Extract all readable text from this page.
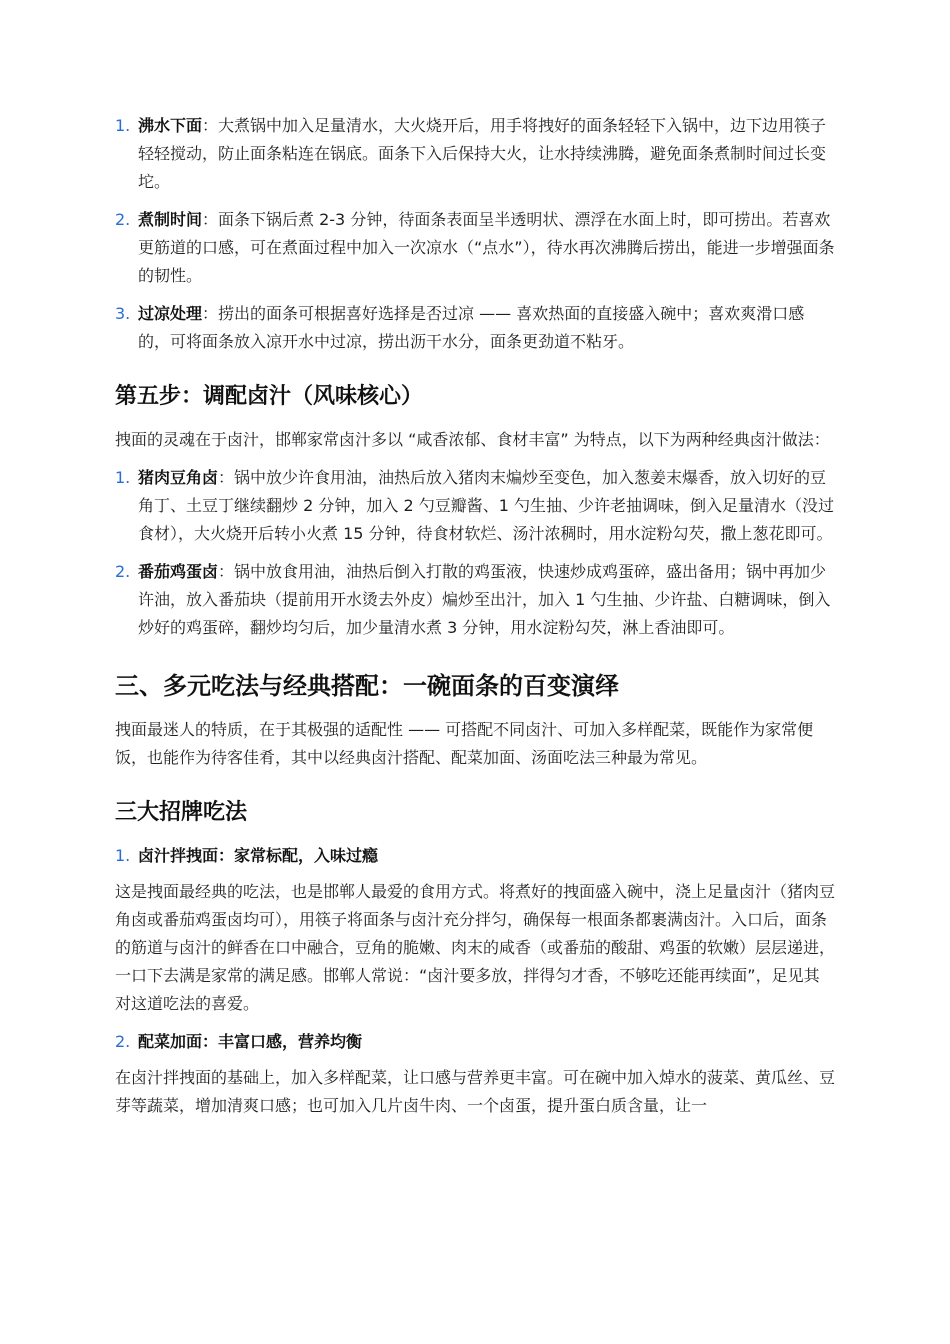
1. 沸水下面：大煮锅中加入足量清水，大火烧开后，用手将拽好的面条轻轻下入锅中，边下边用筷子轻轻搅动，防止面条粘连在锅底。面条下入后保持大火，让水持续沸腾，避免面条煮制时间过长变坨。
2. 煮制时间：面条下锅后煮 2-3 分钟，待面条表面呈半透明状、漂浮在水面上时，即可捞出。若喜欢更筋道的口感，可在煮面过程中加入一次凉水（“点水”），待水再次沸腾后捞出，能进一步增强面条的韧性。
3. 过凉处理：捞出的面条可根据喜好选择是否过凉 —— 喜欢热面的直接盛入碗中；喜欢爽滑口感的，可将面条放入凉开水中过凉，捞出沥干水分，面条更劲道不粘牙。
第五步：调配卤汁（风味核心）

拽面的灵魂在于卤汁，邯郸家常卤汁多以 “咸香浓郁、食材丰富” 为特点，以下为两种经典卤汁做法：

1. 猪肉豆角卤：锅中放少许食用油，油热后放入猪肉末煸炒至变色，加入葱姜末爆香，放入切好的豆角丁、土豆丁继续翻炒 2 分钟，加入 2 勺豆瓣酱、1 勺生抽、少许老抽调味，倒入足量清水（没过食材），大火烧开后转小火煮 15 分钟，待食材软烂、汤汁浓稠时，用水淀粉勾芡，撒上葱花即可。
2. 番茄鸡蛋卤：锅中放食用油，油热后倒入打散的鸡蛋液，快速炒成鸡蛋碎，盛出备用；锅中再加少许油，放入番茄块（提前用开水烫去外皮）煸炒至出汁，加入 1 勺生抽、少许盐、白糖调味，倒入炒好的鸡蛋碎，翻炒均匀后，加少量清水煮 3 分钟，用水淀粉勾芡，淋上香油即可。
三、多元吃法与经典搭配：一碗面条的百变演绎

拽面最迷人的特质，在于其极强的适配性 —— 可搭配不同卤汁、可加入多样配菜，既能作为家常便饭，也能作为待客佳肴，其中以经典卤汁搭配、配菜加面、汤面吃法三种最为常见。

三大招牌吃法
1. 卤汁拌拽面：家常标配，入味过瘾

这是拽面最经典的吃法，也是邯郸人最爱的食用方式。将煮好的拽面盛入碗中，浇上足量卤汁（猪肉豆角卤或番茄鸡蛋卤均可），用筷子将面条与卤汁充分拌匀，确保每一根面条都裹满卤汁。入口后，面条的筋道与卤汁的鲜香在口中融合，豆角的脆嫩、肉末的咸香（或番茄的酸甜、鸡蛋的软嫩）层层递进，一口下去满是家常的满足感。邯郸人常说：“卤汁要多放，拌得匀才香，不够吃还能再续面”，足见其对这道吃法的喜爱。

2. 配菜加面：丰富口感，营养均衡

在卤汁拌拽面的基础上，加入多样配菜，让口感与营养更丰富。可在碗中加入焯水的菠菜、黄瓜丝、豆芽等蔬菜，增加清爽口感；也可加入几片卤牛肉、一个卤蛋，提升蛋白质含量，让一
